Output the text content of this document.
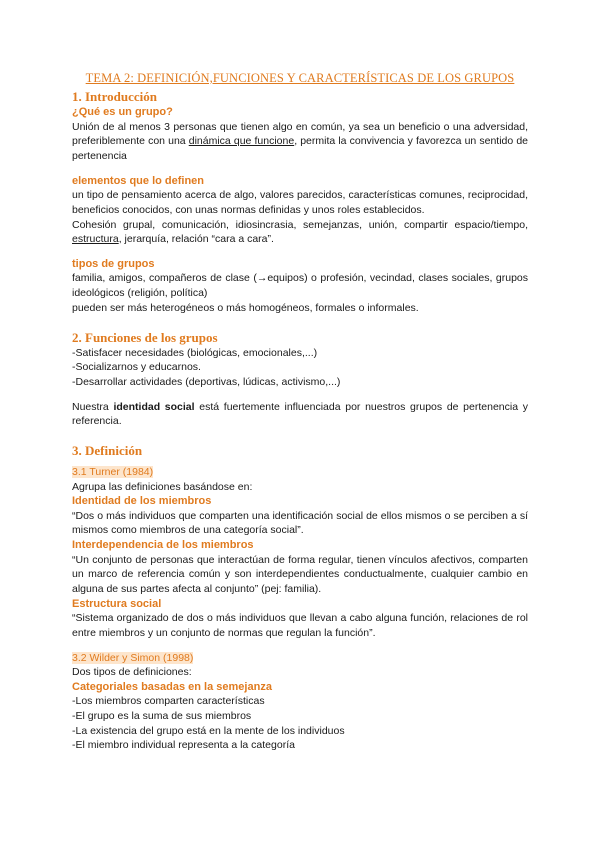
TEMA 2: DEFINICIÓN,FUNCIONES Y CARACTERÍSTICAS DE LOS GRUPOS
1. Introducción
¿Qué es un grupo?

Unión de al menos 3 personas que tienen algo en común, ya sea un beneficio o una adversidad, preferiblemente con una dinámica que funcione, permita la convivencia y favorezca un sentido de pertenencia

elementos que lo definen

un tipo de pensamiento acerca de algo, valores parecidos, características comunes, reciprocidad, beneficios conocidos, con unas normas definidas y unos roles establecidos.

Cohesión grupal, comunicación, idiosincrasia, semejanzas, unión, compartir espacio/tiempo, estructura, jerarquía, relación “cara a cara”.

tipos de grupos

familia, amigos, compañeros de clase (→equipos) o profesión, vecindad, clases sociales, grupos ideológicos (religión, política)

pueden ser más heterogéneos o más homogéneos, formales o informales.

2. Funciones de los grupos

-Satisfacer necesidades (biológicas, emocionales,...)

-Socializarnos y educarnos.

-Desarrollar actividades (deportivas, lúdicas, activismo,...)

Nuestra identidad social está fuertemente influenciada por nuestros grupos de pertenencia y referencia.

3. Definición
3.1 Turner (1984)

Agrupa las definiciones basándose en:

Identidad de los miembros

“Dos o más individuos que comparten una identificación social de ellos mismos o se perciben a sí mismos como miembros de una categoría social”.

Interdependencia de los miembros

“Un conjunto de personas que interactúan de forma regular, tienen vínculos afectivos, comparten un marco de referencia común y son interdependientes conductualmente, cualquier cambio en alguna de sus partes afecta al conjunto” (pej: familia).

Estructura social

“Sistema organizado de dos o más individuos que llevan a cabo alguna función, relaciones de rol entre miembros y un conjunto de normas que regulan la función”.

3.2 Wilder y Simon (1998)

Dos tipos de definiciones:

Categoriales basadas en la semejanza

-Los miembros comparten características

-El grupo es la suma de sus miembros

-La existencia del grupo está en la mente de los individuos

-El miembro individual representa a la categoría
